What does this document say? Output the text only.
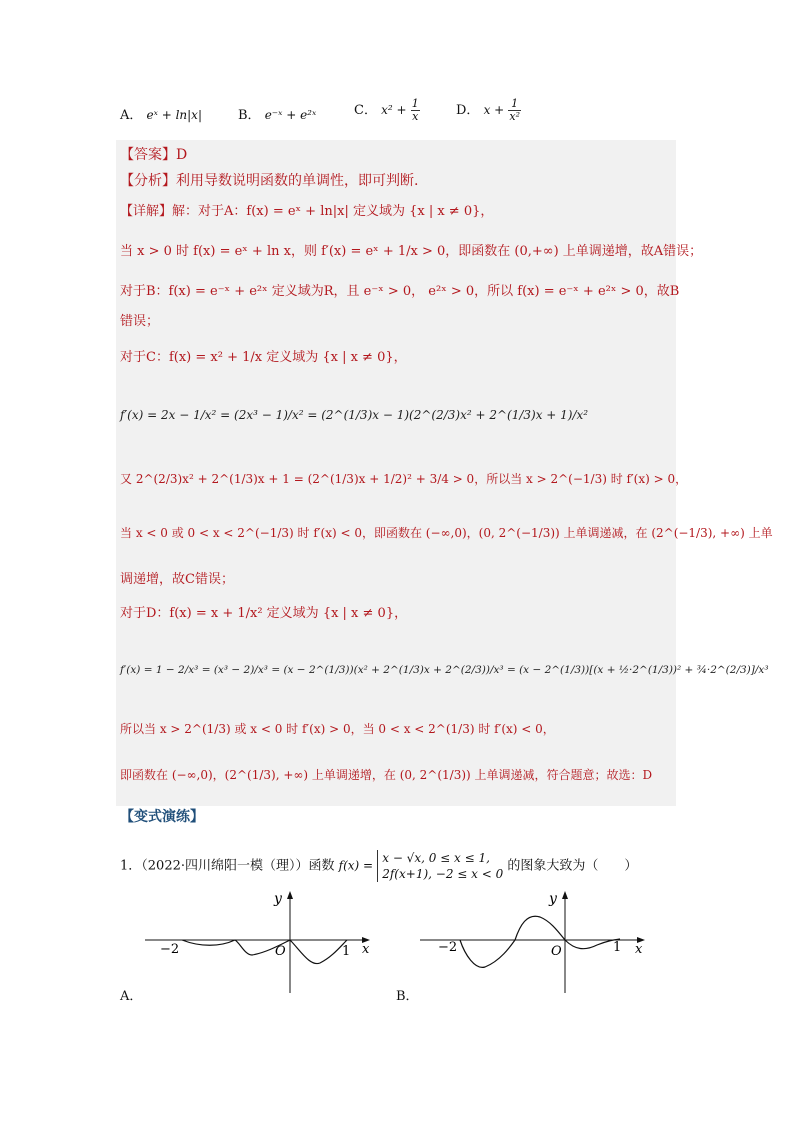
A． eˣ + ln|x|	B． e⁻ˣ + e²ˣ	C． $x^2 + \frac{1}{x}$	D． $x + \frac{1}{\text{x²}}$
【答案】D
【分析】利用导数说明函数的单调性，即可判断.
【详解】解：对于A：f(x) = eˣ + ln|x| 定义域为 {x | x ≠ 0}，
当 x > 0 时 f(x) = eˣ + ln x，则 f′(x) = eˣ + 1/x > 0，即函数在 (0,+∞) 上单调递增，故A错误；
对于B：f(x) = e⁻ˣ + e²ˣ 定义域为R，且 e⁻ˣ > 0， e²ˣ > 0，所以 f(x) = e⁻ˣ + e²ˣ > 0，故B
错误；
对于C：f(x) = x² + 1/x 定义域为 {x | x ≠ 0}，
f′(x) = 2x − 1/x² = (2x³ − 1)/x² = (2^(1/3)x − 1)(2^(2/3)x² + 2^(1/3)x + 1)/x²
又 2^(2/3)x² + 2^(1/3)x + 1 = (2^(1/3)x + 1/2)² + 3/4 > 0，所以当 x > 2^(−1/3) 时 f′(x) > 0，
当 x < 0 或 0 < x < 2^(−1/3) 时 f′(x) < 0，即函数在 (−∞,0)，(0, 2^(−1/3)) 上单调递减，在 (2^(−1/3), +∞) 上单
调递增，故C错误；
对于D：f(x) = x + 1/x² 定义域为 {x | x ≠ 0}，
f′(x) = 1 − 2/x³ = (x³ − 2)/x³ = (x − 2^(1/3))(x² + 2^(1/3)x + 2^(2/3))/x³ = (x − 2^(1/3))[(x + ½·2^(1/3))² + ¾·2^(2/3)]/x³
所以当 x > 2^(1/3) 或 x < 0 时 f′(x) > 0，当 0 < x < 2^(1/3) 时 f′(x) < 0，
即函数在 (−∞,0)，(2^(1/3), +∞) 上单调递增，在 (0, 2^(1/3)) 上单调递减，符合题意；故选：D
【变式演练】
1．（2022·四川绵阳一模（理））函数 f(x) =
x − √x, 0 ≤ x ≤ 1,
2f(x+1), −2 ≤ x < 0
的图象大致为（　　）
−2	O	1 x
y
A．
−2	O	1 x
y
B．
